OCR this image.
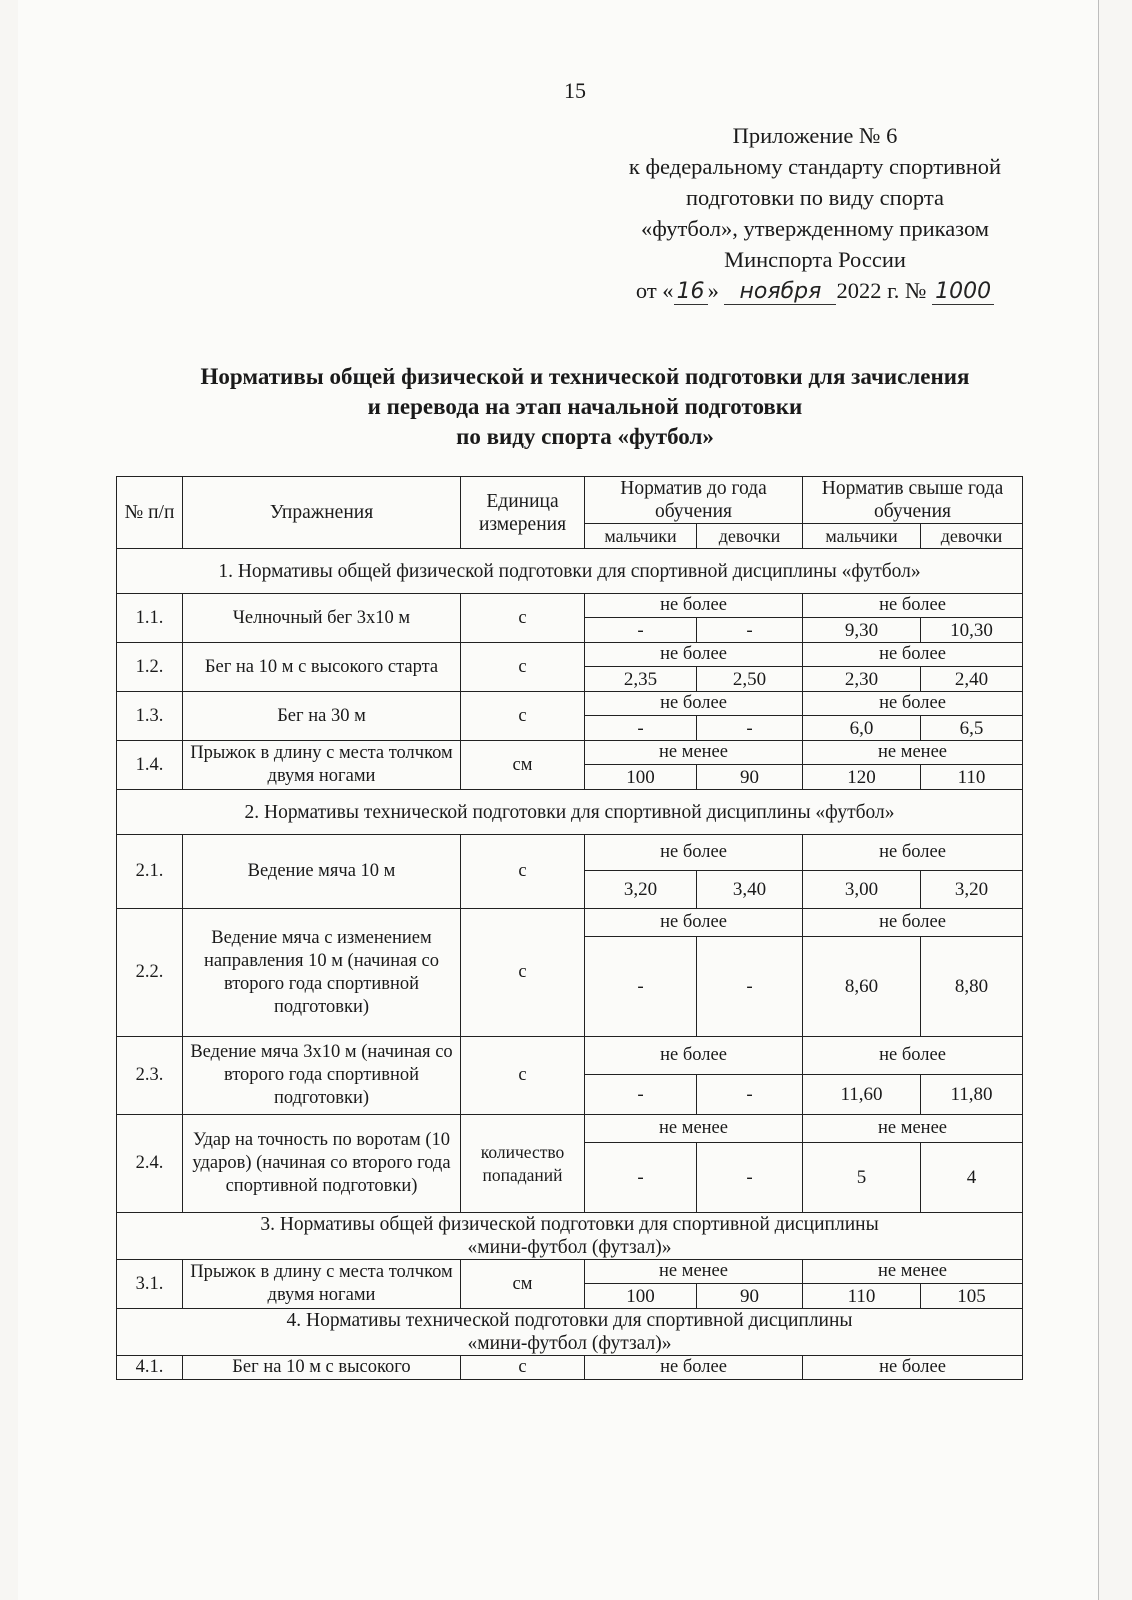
15
Приложение № 6
к федеральному стандарту спортивной
подготовки по виду спорта
«футбол», утвержденному приказом
Минспорта России
от « 16 » ноября 2022 г. № 1000
Нормативы общей физической и технической подготовки для зачисления
и перевода на этап начальной подготовки
по виду спорта «футбол»
№ п/п	Упражнения	Единица измерения	Норматив до года обучения		Норматив свыше года обучения	
			мальчики	девочки	мальчики	девочки
1. Нормативы общей физической подготовки для спортивной дисциплины «футбол»						
1.1.	Челночный бег 3х10 м	с	не более		не более	
			-	-	9,30	10,30
1.2.	Бег на 10 м с высокого старта	с	не более		не более	
			2,35	2,50	2,30	2,40
1.3.	Бег на 30 м	с	не более		не более	
			-	-	6,0	6,5
1.4.	Прыжок в длину с места толчком двумя ногами	см	не менее		не менее	
			100	90	120	110
2. Нормативы технической подготовки для спортивной дисциплины «футбол»						
2.1.	Ведение мяча 10 м	с	не более		не более	
			3,20	3,40	3,00	3,20
2.2.	Ведение мяча с изменением направления 10 м (начиная со второго года спортивной подготовки)	с	не более		не более	
			-	-	8,60	8,80
2.3.	Ведение мяча 3х10 м (начиная со второго года спортивной подготовки)	с	не более		не более	
			-	-	11,60	11,80
2.4.	Удар на точность по воротам (10 ударов) (начиная со второго года спортивной подготовки)	количество попаданий	не менее		не менее	
			-	-	5	4

3. Нормативы общей физической подготовки для спортивной дисциплины
«мини-футбол (футзал)»						

3.1.	Прыжок в длину с места толчком двумя ногами	см	не менее		не менее	
			100	90	110	105

4. Нормативы технической подготовки для спортивной дисциплины
«мини-футбол (футзал)»						

4.1.	Бег на 10 м с высокого	с	не более		не более	
